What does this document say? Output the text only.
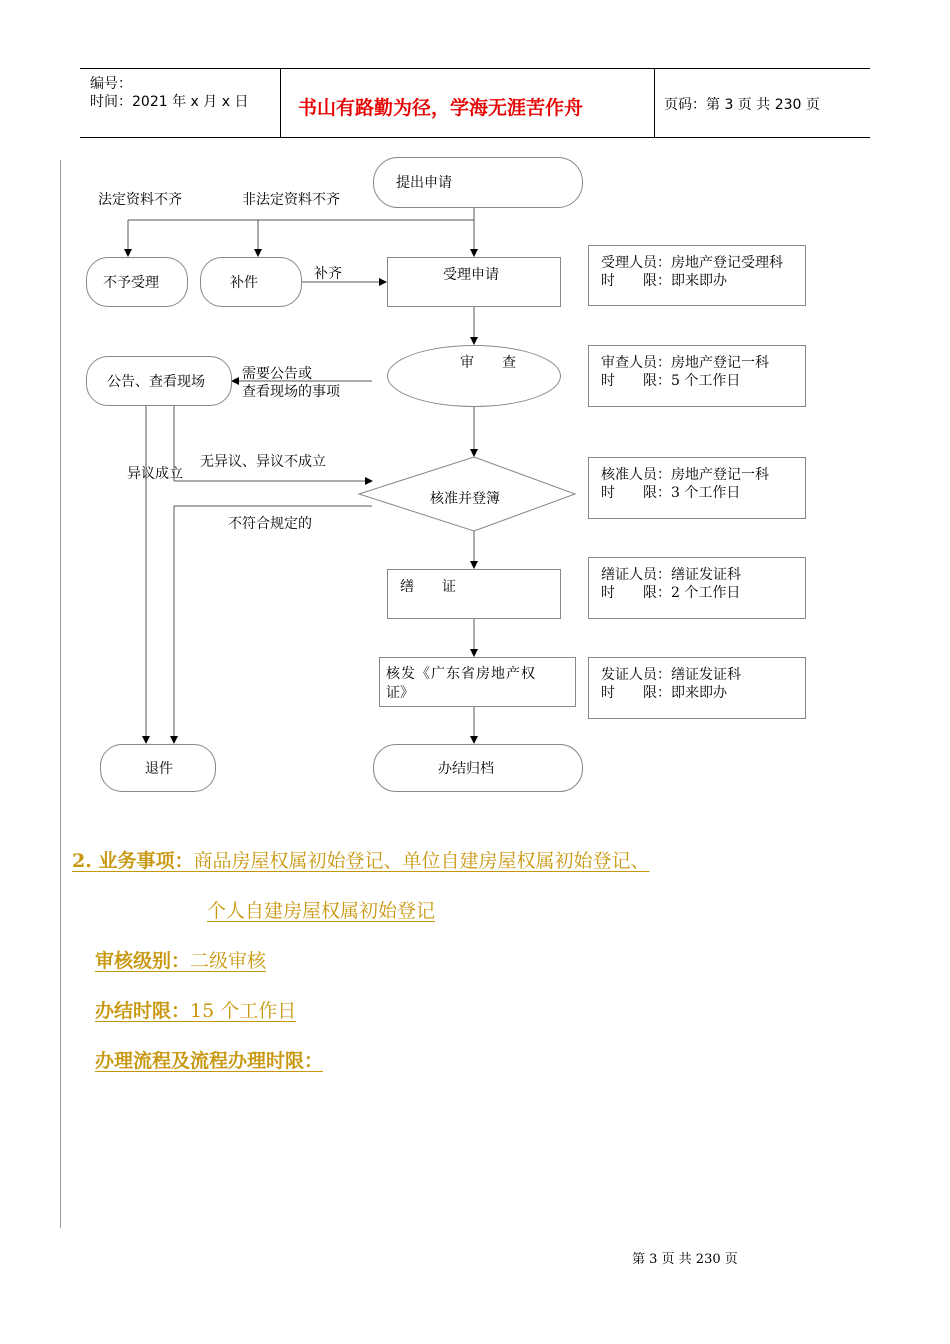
编号：
时间：2021 年 x 月 x 日	书山有路勤为径，学海无涯苦作舟	页码：第 3 页 共 230 页
提出申请
法定资料不齐	非法定资料不齐
不予受理	补件
补齐	受理申请
受理人员：房地产登记受理科
时　　限：即来即办
公告、查看现场	需要公告或
查看现场的事项
审　　查	审查人员：房地产登记一科
时　　限：5 个工作日
异议成立
无异议、异议不成立
核准并登簿
核准人员：房地产登记一科
时　　限：3 个工作日
不符合规定的
缮　　证
缮证人员：缮证发证科
时　　限：2 个工作日
核发《广东省房地产权
证》
发证人员：缮证发证科
时　　限：即来即办
退件	办结归档
2. 业务事项：商品房屋权属初始登记、单位自建房屋权属初始登记、
个人自建房屋权属初始登记
审核级别：二级审核
办结时限：15 个工作日
办理流程及流程办理时限：
第 3 页 共 230 页
